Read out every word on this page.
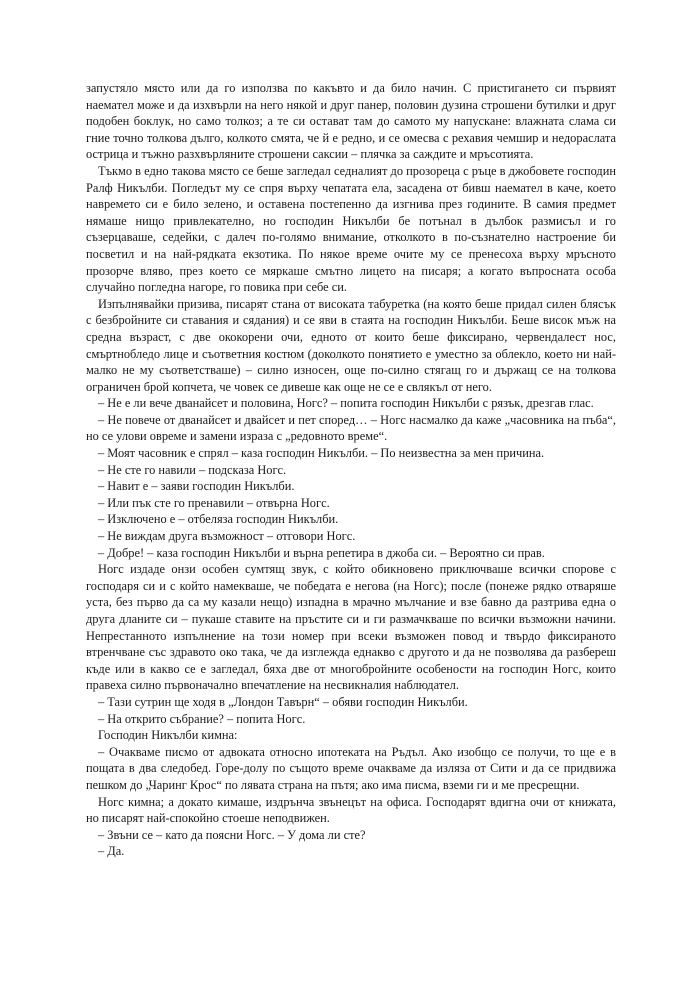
запустяло място или да го използва по какъвто и да било начин. С пристигането си първият наемател може и да изхвърли на него някой и друг панер, половин дузина строшени бутилки и друг подобен боклук, но само толкоз; а те си остават там до самото му напускане: влажната слама си гние точно толкова дълго, колкото смята, че й е редно, и се омесва с рехавия чемшир и недораслата острица и тъжно разхвърляните строшени саксии – плячка за саждите и мръсотията.

Тъкмо в едно такова място се беше загледал седналият до прозореца с ръце в джобовете господин Ралф Никълби. Погледът му се спря върху чепатата ела, засадена от бивш наемател в каче, което навремето си е било зелено, и оставена постепенно да изгнива през годините. В самия предмет нямаше нищо привлекателно, но господин Никълби бе потънал в дълбок размисъл и го съзерцаваше, седейки, с далеч по-голямо внимание, отколкото в по-съзнателно настроение би посветил и на най-рядката екзотика. По някое време очите му се пренесоха върху мръсното прозорче вляво, през което се мяркаше смътно лицето на писаря; а когато въпросната особа случайно погледна нагоре, го повика при себе си.

Изпълнявайки призива, писарят стана от високата табуретка (на която беше придал силен блясък с безбройните си ставания и сядания) и се яви в стаята на господин Никълби. Беше висок мъж на средна възраст, с две ококорени очи, едното от които беше фиксирано, червендалест нос, смъртнобледо лице и съответния костюм (доколкото понятието е уместно за облекло, което ни най-малко не му съответстваше) – силно износен, още по-силно стягащ го и държащ се на толкова ограничен брой копчета, че човек се дивеше как още не се е свлякъл от него.

– Не е ли вече дванайсет и половина, Ногс? – попита господин Никълби с рязък, дрезгав глас.

– Не повече от дванайсет и двайсет и пет според… – Ногс насмалко да каже „часовника на пъба“, но се улови овреме и замени израза с „редовното време“.

– Моят часовник е спрял – каза господин Никълби. – По неизвестна за мен причина.

– Не сте го навили – подсказа Ногс.

– Навит е – заяви господин Никълби.

– Или пък сте го пренавили – отвърна Ногс.

– Изключено е – отбеляза господин Никълби.

– Не виждам друга възможност – отговори Ногс.

– Добре! – каза господин Никълби и върна репетира в джоба си. – Вероятно си прав.

Ногс издаде онзи особен сумтящ звук, с който обикновено приключваше всички спорове с господаря си и с който намекваше, че победата е негова (на Ногс); после (понеже рядко отваряше уста, без първо да са му казали нещо) изпадна в мрачно мълчание и взе бавно да разтрива една о друга дланите си – пукаше ставите на пръстите си и ги размачкваше по всички възможни начини. Непрестанното изпълнение на този номер при всеки възможен повод и твърдо фиксираното втренчване със здравото око така, че да изглежда еднакво с другото и да не позволява да разбереш къде или в какво се е загледал, бяха две от многобройните особености на господин Ногс, които правеха силно първоначално впечатление на несвикналия наблюдател.

– Тази сутрин ще ходя в „Лондон Тавърн“ – обяви господин Никълби.

– На открито събрание? – попита Ногс.

Господин Никълби кимна:

– Очакваме писмо от адвоката относно ипотеката на Ръдъл. Ако изобщо се получи, то ще е в пощата в два следобед. Горе-долу по същото време очакваме да изляза от Сити и да се придвижа пешком до „Чаринг Крос“ по лявата страна на пътя; ако има писма, вземи ги и ме пресрещни.

Ногс кимна; а докато кимаше, издрънча звънецът на офиса. Господарят вдигна очи от книжата, но писарят най-спокойно стоеше неподвижен.

– Звъни се – като да поясни Ногс. – У дома ли сте?

– Да.
